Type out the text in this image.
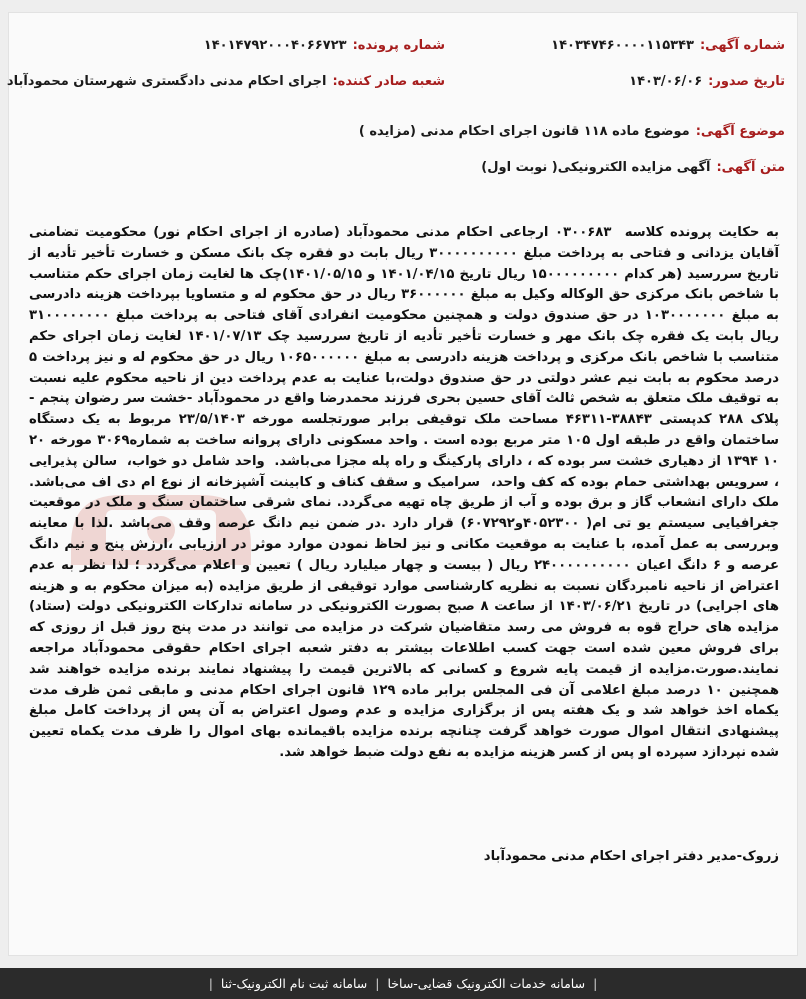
شماره آگهی:۱۴۰۳۴۷۴۶۰۰۰۰۱۱۵۳۴۳
شماره پرونده:۱۴۰۱۴۷۹۲۰۰۰۴۰۶۶۷۲۳
تاریخ صدور:۱۴۰۳/۰۶/۰۶
شعبه صادر کننده:اجرای احکام مدنی دادگستری شهرستان محمودآباد
موضوع آگهی:موضوع ماده ۱۱۸ قانون اجرای احکام مدنی (مزایده )
متن آگهی:آگهی مزایده الکترونیکی( نوبت اول)
به حکایت پرونده کلاسه  ۰۳۰۰۶۸۳ ارجاعی احکام مدنی محمودآباد (صادره از اجرای احکام نور) محکومیت تضامنی آقایان یزدانی و فتاحی به پرداخت مبلغ ۳۰۰۰۰۰۰۰۰۰۰ ریال بابت دو فقره چک بانک مسکن و خسارت تأخیر تأدیه از تاریخ سررسید (هر کدام ۱۵۰۰۰۰۰۰۰۰۰ ریال تاریخ ۱۴۰۱/۰۴/۱۵ و ۱۴۰۱/۰۵/۱۵)چک ها لغایت زمان اجرای حکم متناسب با شاخص بانک مرکزی حق الوکاله وکیل به مبلغ ۳۶۰۰۰۰۰۰ ریال در حق محکوم له و متساویا بپرداخت هزینه دادرسی به مبلغ ۱۰۳۰۰۰۰۰۰۰ در حق صندوق دولت و همچنین محکومیت انفرادی آقای فتاحی به پرداخت مبلغ ۳۱۰۰۰۰۰۰۰۰ ریال بابت یک فقره چک بانک مهر و خسارت تأخیر تأدیه از تاریخ سررسید چک ۱۴۰۱/۰۷/۱۳ لغایت زمان اجرای حکم متناسب با شاخص بانک مرکزی و پرداخت هزینه دادرسی به مبلغ ۱۰۶۵۰۰۰۰۰۰ ریال در حق محکوم له و نیز پرداخت ۵ درصد محکوم به بابت نیم عشر دولتی در حق صندوق دولت،با عنایت به عدم پرداخت دین از ناحیه محکوم علیه نسبت به توقیف ملک متعلق به شخص ثالث آقای حسین بحری فرزند محمدرضا واقع در محمودآباد -خشت سر رضوان پنجم - پلاک ۲۸۸ کدپستی ۳۸۸۴۳-۴۶۳۱۱ مساحت ملک توقیفی برابر صورتجلسه مورخه ۲۳/۵/۱۴۰۳ مربوط به یک دستگاه ساختمان واقع در طبقه اول ۱۰۵ متر مربع بوده است . واحد مسکونی دارای پروانه ساخت به شماره۳۰۶۹ مورخه ۲۰ ۱۰ ۱۳۹۴ از دهیاری خشت سر بوده که ، دارای پارکینگ و راه پله مجزا می‌باشد.  واحد شامل دو خواب،  سالن پذیرایی ، سرویس بهداشتی حمام بوده که کف واحد،  سرامیک و سقف کناف و کابینت آشپزخانه از نوع ام دی اف می‌باشد. ملک دارای انشعاب گاز و برق بوده و آب از طریق چاه تهیه می‌گردد. نمای شرقی ساختمان سنگ و ملک در موقعیت جغرافیایی سیستم یو تی ام( ۴۰۵۲۳۰۰و۶۰۷۲۹۲) قرار دارد .در ضمن نیم دانگ عرصه وقف می‌باشد .لذا با معاینه وبررسی به عمل آمده، با عنایت به موقعیت مکانی و نیز لحاظ نمودن موارد موثر در ارزیابی ،ارزش پنج و نیم دانگ عرصه و ۶ دانگ اعیان ۲۴۰۰۰۰۰۰۰۰۰۰ ریال ( بیست و چهار میلیارد ریال ) تعیین و اعلام می‌گردد ؛ لذا نظر به عدم اعتراض از ناحیه نامبردگان نسبت به نظریه کارشناسی موارد توقیفی از طریق مزایده (به میزان محکوم به و هزینه های اجرایی) در تاریخ ۱۴۰۳/۰۶/۲۱ از ساعت ۸ صبح بصورت الکترونیکی در سامانه تدارکات الکترونیکی دولت (ستاد) مزایده های حراج قوه به فروش می رسد متقاضیان شرکت در مزایده می توانند در مدت پنج روز قبل از روزی که برای فروش معین شده است جهت کسب اطلاعات بیشتر به دفتر شعبه اجرای احکام حقوقی محمودآباد مراجعه نمایند.صورت.مزایده از قیمت پایه شروع و کسانی که بالاترین قیمت را پیشنهاد نمایند برنده مزایده خواهند شد همچنین ۱۰ درصد مبلغ اعلامی آن فی المجلس برابر ماده ۱۲۹ قانون اجرای احکام مدنی و مابقی ثمن ظرف مدت یکماه اخذ خواهد شد و یک هفته پس از برگزاری مزایده و عدم وصول اعتراض به آن پس از پرداخت کامل مبلغ پیشنهادی انتقال اموال صورت خواهد گرفت چنانچه برنده مزایده باقیمانده بهای اموال را ظرف مدت یکماه تعیین شده نپردازد سپرده او پس از کسر هزینه مزایده به نفع دولت ضبط خواهد شد.
زروک-مدیر دفتر اجرای احکام مدنی محمودآباد
|
سامانه خدمات الکترونیک قضایی-ساخا
|
سامانه ثبت نام الکترونیک-ثنا
|
